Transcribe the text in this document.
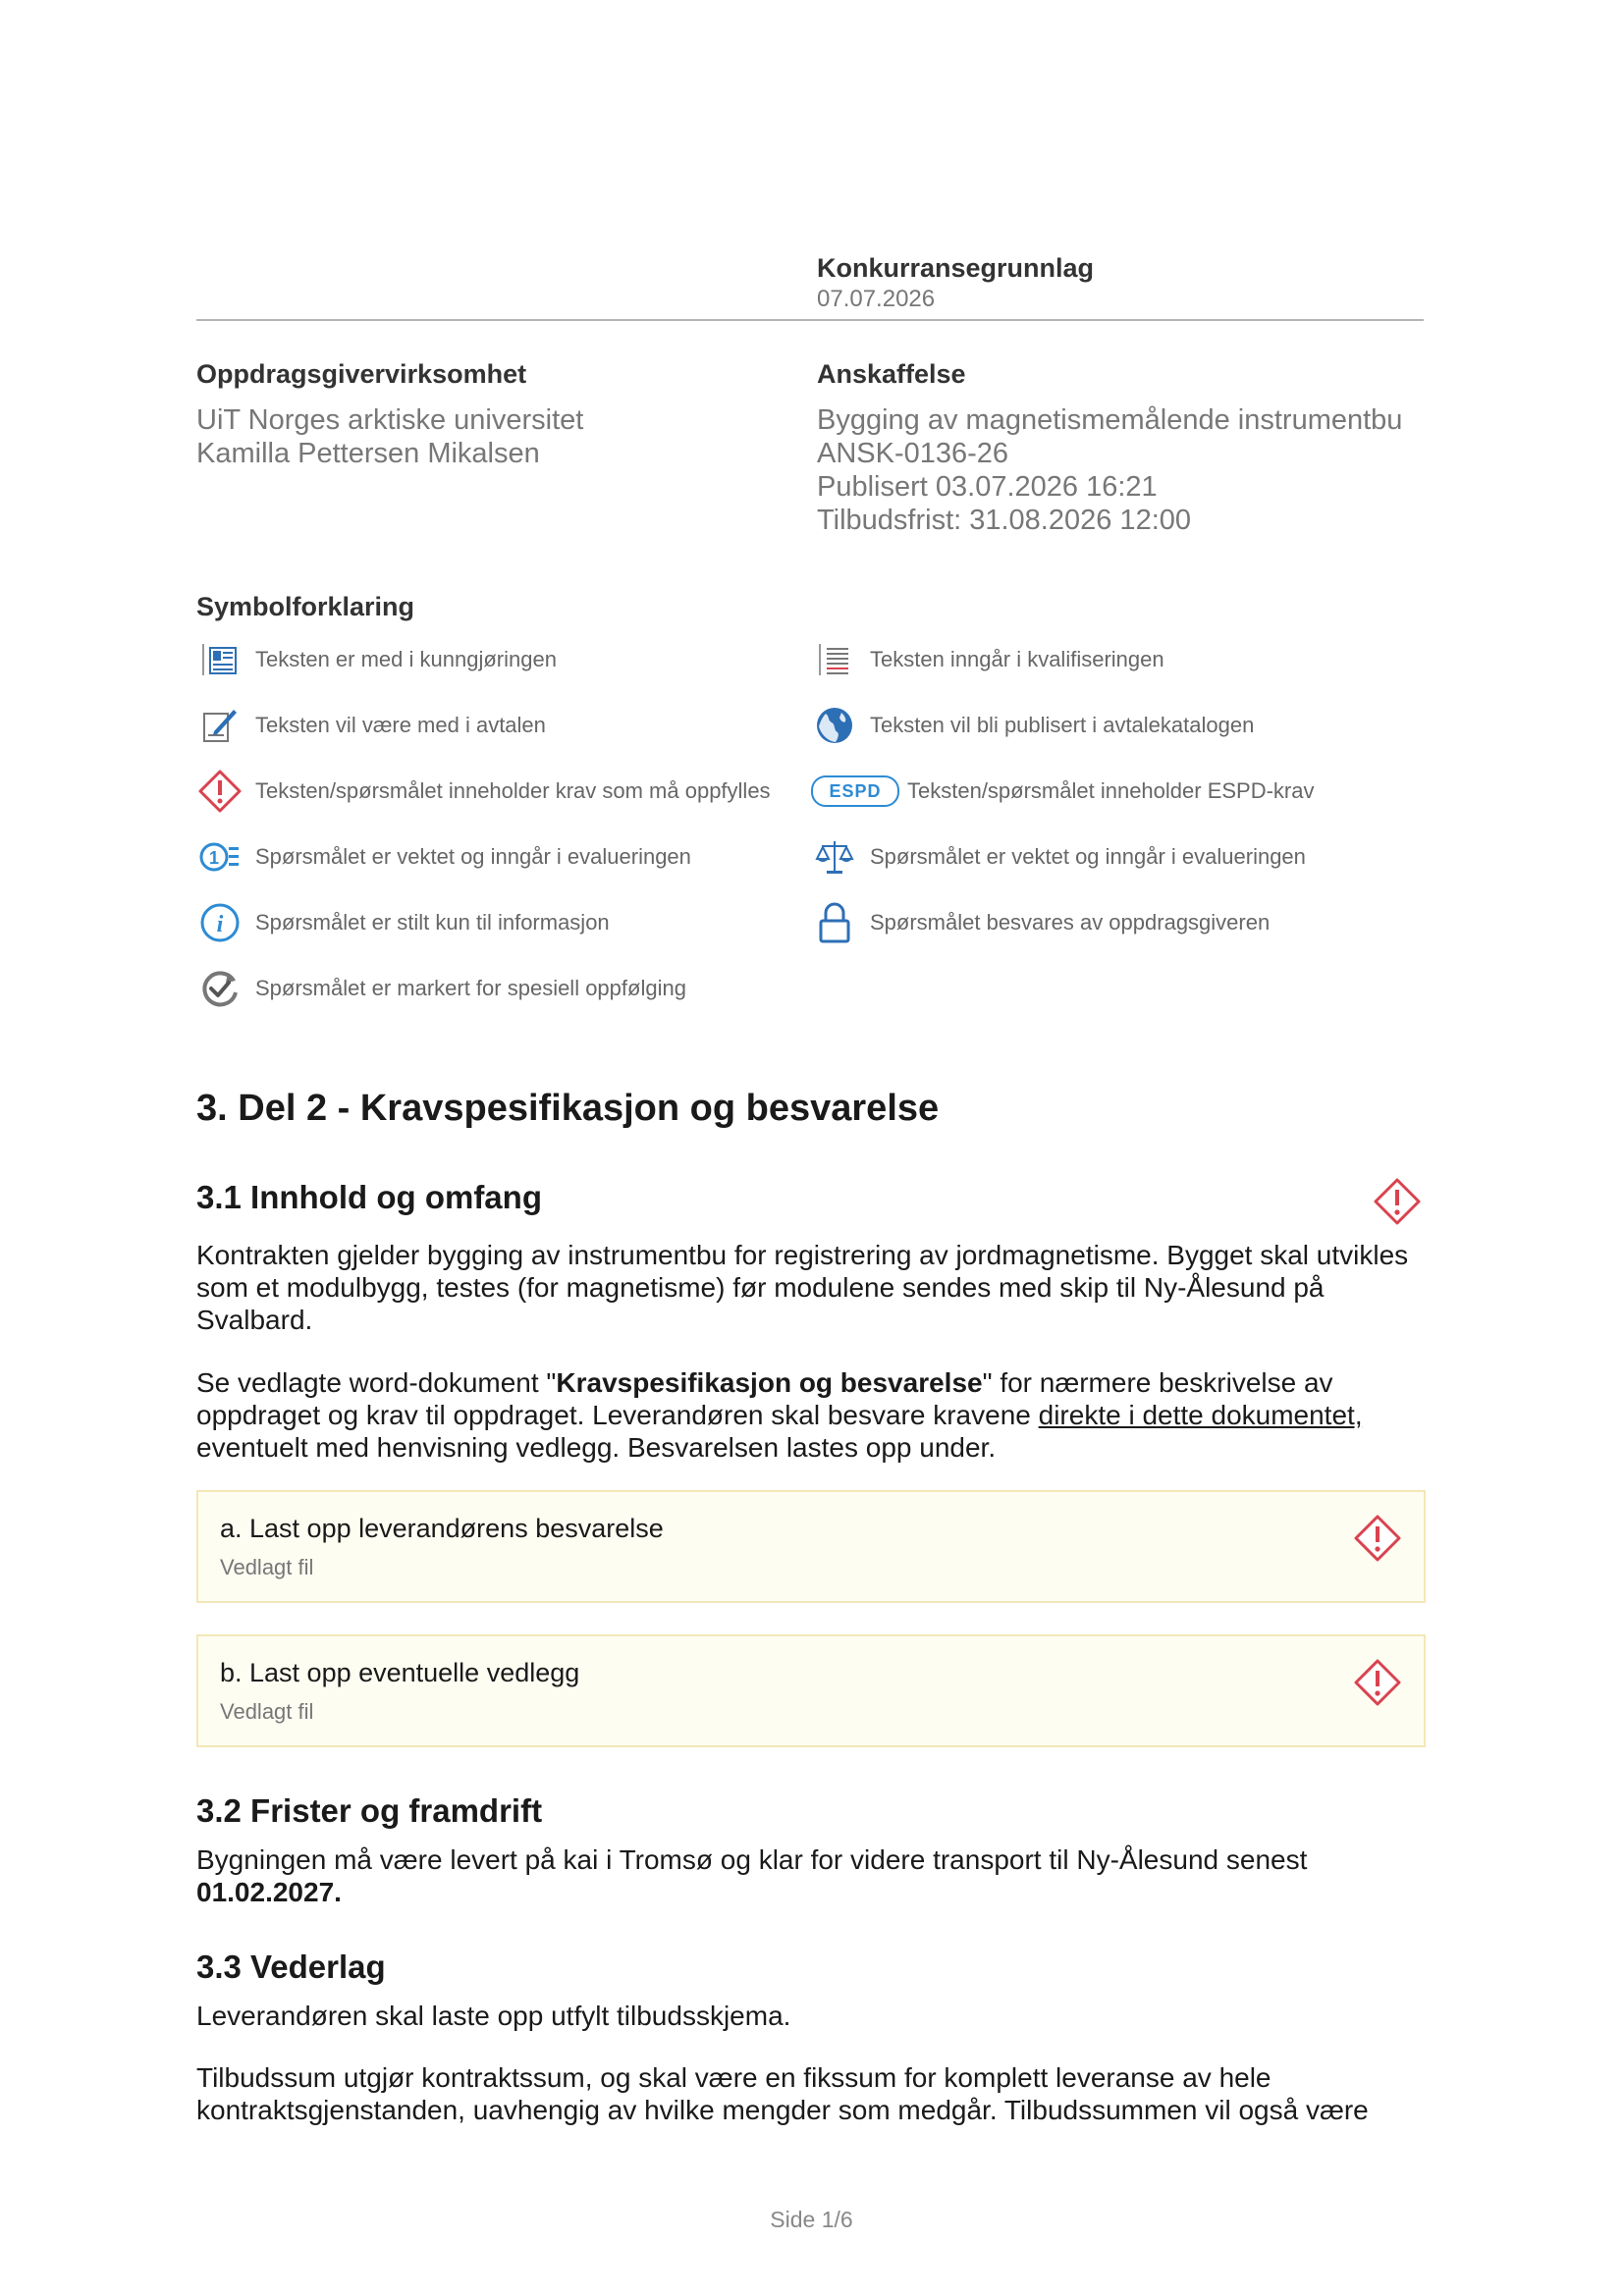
Konkurransegrunnlag
07.07.2026
Oppdragsgivervirksomhet
UiT Norges arktiske universitet
Kamilla Pettersen Mikalsen
Anskaffelse
Bygging av magnetismemålende instrumentbu
ANSK-0136-26
Publisert 03.07.2026 16:21
Tilbudsfrist: 31.08.2026 12:00
Symbolforklaring
Teksten er med i kunngjøringen
Teksten vil være med i avtalen
Teksten/spørsmålet inneholder krav som må oppfylles
1 Spørsmålet er vektet og inngår i evalueringen
i Spørsmålet er stilt kun til informasjon
Spørsmålet er markert for spesiell oppfølging
Teksten inngår i kvalifiseringen
Teksten vil bli publisert i avtalekatalogen
ESPD	Teksten/spørsmålet inneholder ESPD-krav
Spørsmålet er vektet og inngår i evalueringen
Spørsmålet besvares av oppdragsgiveren
3. Del 2 - Kravspesifikasjon og besvarelse
3.1 Innhold og omfang

Kontrakten gjelder bygging av instrumentbu for registrering av jordmagnetisme. Bygget skal utvikles som et modulbygg, testes (for magnetisme) før modulene sendes med skip til Ny-Ålesund på Svalbard.

Se vedlagte word-dokument "Kravspesifikasjon og besvarelse" for nærmere beskrivelse av oppdraget og krav til oppdraget. Leverandøren skal besvare kravene direkte i dette dokumentet, eventuelt med henvisning vedlegg. Besvarelsen lastes opp under.

a. Last opp leverandørens besvarelse
Vedlagt fil
b. Last opp eventuelle vedlegg
Vedlagt fil
3.2 Frister og framdrift

Bygningen må være levert på kai i Tromsø og klar for videre transport til Ny-Ålesund senest 01.02.2027.

3.3 Vederlag

Leverandøren skal laste opp utfylt tilbudsskjema.

Tilbudssum utgjør kontraktssum, og skal være en fikssum for komplett leveranse av hele kontraktsgjenstanden, uavhengig av hvilke mengder som medgår. Tilbudssummen vil også være

Side 1/6
